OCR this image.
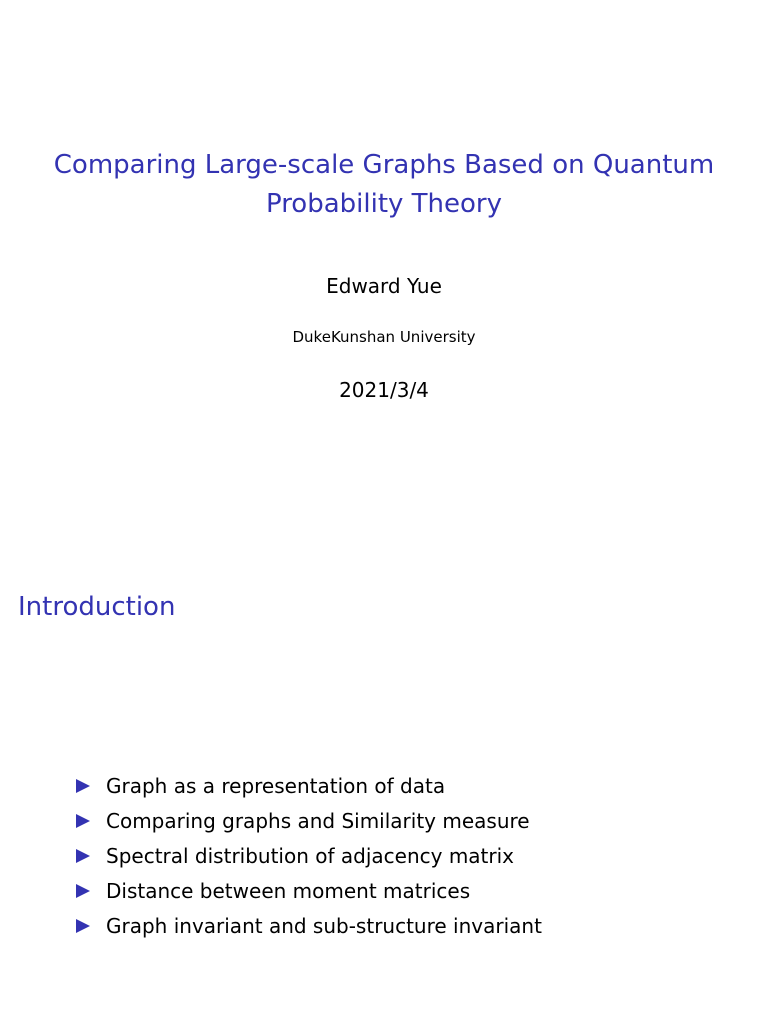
Comparing Large-scale Graphs Based on Quantum Probability Theory
Edward Yue
DukeKunshan University
2021/3/4
Introduction
Graph as a representation of data
Comparing graphs and Similarity measure
Spectral distribution of adjacency matrix
Distance between moment matrices
Graph invariant and sub-structure invariant
